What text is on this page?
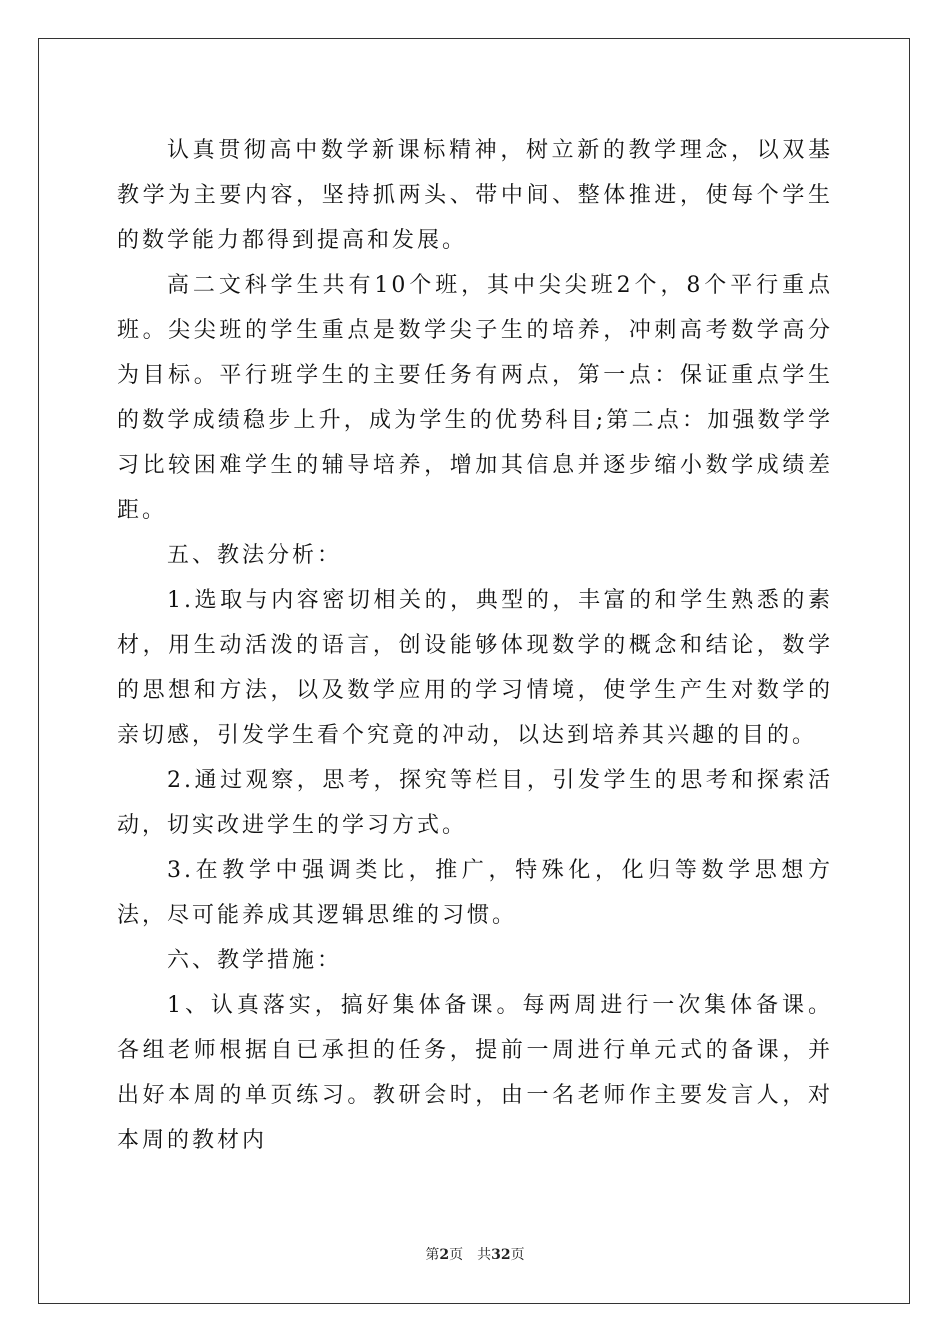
认真贯彻高中数学新课标精神，树立新的教学理念，以双基教学为主要内容，坚持抓两头、带中间、整体推进，使每个学生的数学能力都得到提高和发展。

高二文科学生共有10个班，其中尖尖班2个，8个平行重点班。尖尖班的学生重点是数学尖子生的培养，冲刺高考数学高分为目标。平行班学生的主要任务有两点，第一点：保证重点学生的数学成绩稳步上升，成为学生的优势科目;第二点：加强数学学习比较困难学生的辅导培养，增加其信息并逐步缩小数学成绩差距。

五、教法分析：

1.选取与内容密切相关的，典型的，丰富的和学生熟悉的素材，用生动活泼的语言，创设能够体现数学的概念和结论，数学的思想和方法，以及数学应用的学习情境，使学生产生对数学的亲切感，引发学生看个究竟的冲动，以达到培养其兴趣的目的。

2.通过观察，思考，探究等栏目，引发学生的思考和探索活动，切实改进学生的学习方式。

3.在教学中强调类比，推广，特殊化，化归等数学思想方法，尽可能养成其逻辑思维的习惯。

六、教学措施：

1、认真落实，搞好集体备课。每两周进行一次集体备课。各组老师根据自已承担的任务，提前一周进行单元式的备课，并出好本周的单页练习。教研会时，由一名老师作主要发言人，对本周的教材内

第2页　共32页
